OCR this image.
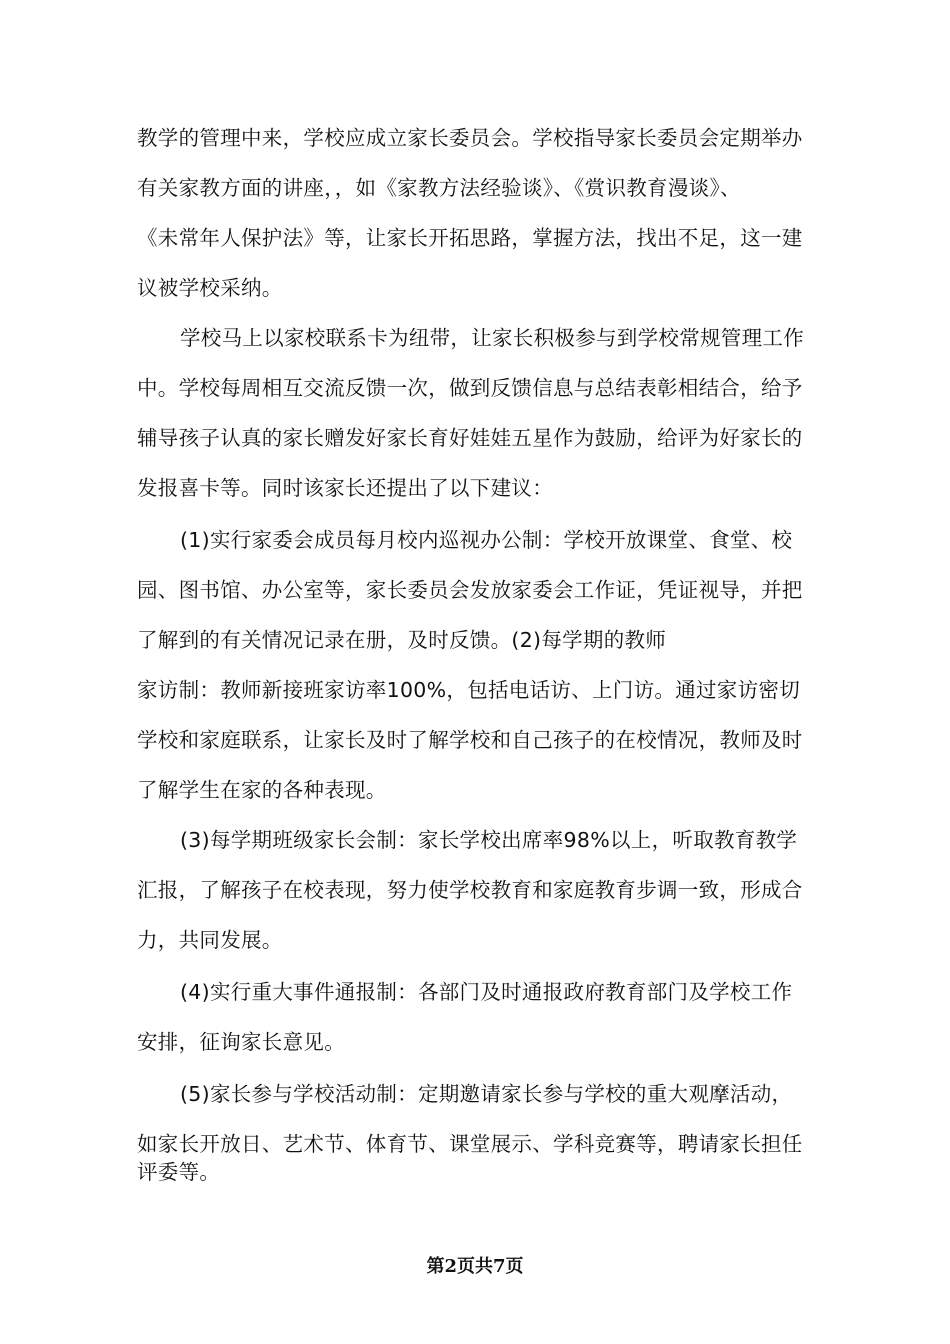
教学的管理中来，学校应成立家长委员会。学校指导家长委员会定期举办
有关家教方面的讲座，，如《家教方法经验谈》、《赏识教育漫谈》、
《未常年人保护法》等，让家长开拓思路，掌握方法，找出不足，这一建
议被学校采纳。
学校马上以家校联系卡为纽带，让家长积极参与到学校常规管理工作
中。学校每周相互交流反馈一次，做到反馈信息与总结表彰相结合，给予
辅导孩子认真的家长赠发好家长育好娃娃五星作为鼓励，给评为好家长的
发报喜卡等。同时该家长还提出了以下建议：
(1)实行家委会成员每月校内巡视办公制：学校开放课堂、食堂、校
园、图书馆、办公室等，家长委员会发放家委会工作证，凭证视导，并把
了解到的有关情况记录在册，及时反馈。(2)每学期的教师
家访制：教师新接班家访率100%，包括电话访、上门访。通过家访密切
学校和家庭联系，让家长及时了解学校和自己孩子的在校情况，教师及时
了解学生在家的各种表现。
(3)每学期班级家长会制：家长学校出席率98%以上，听取教育教学
汇报，了解孩子在校表现，努力使学校教育和家庭教育步调一致，形成合
力，共同发展。
(4)实行重大事件通报制：各部门及时通报政府教育部门及学校工作
安排，征询家长意见。
(5)家长参与学校活动制：定期邀请家长参与学校的重大观摩活动，
如家长开放日、艺术节、体育节、课堂展示、学科竞赛等，聘请家长担任
评委等。
第2页共7页
